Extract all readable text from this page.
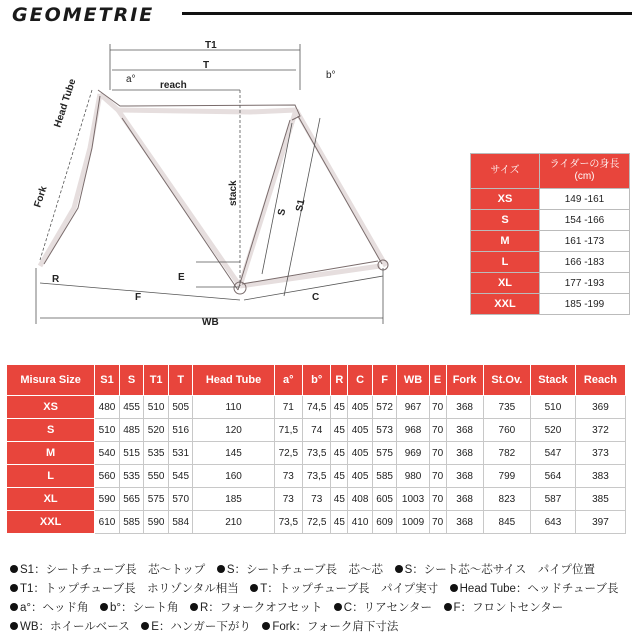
GEOMETRIE
T1
T
a°	b°
reach
Head Tube
Fork	stack
S S1
R	E
F	C
WB
サイズ	ライダーの身長
(cm)
XS	149 -161
S	154 -166
M	161 -173
L	166 -183
XL	177 -193
XXL	185 -199
Misura Size	S1	S	T1	T	Head Tube	a°	b°	R	C	F	WB	E	Fork	St.Ov.	Stack	Reach
XS	480	455	510	505	110	71	74,5	45	405	572	967	70	368	735	510	369
S	510	485	520	516	120	71,5	74	45	405	573	968	70	368	760	520	372
M	540	515	535	531	145	72,5	73,5	45	405	575	969	70	368	782	547	373
L	560	535	550	545	160	73	73,5	45	405	585	980	70	368	799	564	383
XL	590	565	575	570	185	73	73	45	408	605	1003	70	368	823	587	385
XXL	610	585	590	584	210	73,5	72,5	45	410	609	1009	70	368	845	643	397
S1：シートチューブ長　芯～トップ　 S：シートチューブ長　芯～芯　 S：シート芯～芯サイス　パイプ位置　T1：トップチューブ長　ホリゾンタル相当　 T：トップチューブ長　パイプ実寸　 Head Tube：ヘッドチューブ長　a°：ヘッド角　 b°：シート角　 R：フォークオフセット　 C：リアセンター　 F：フロントセンター　WB：ホイールベース　 E：ハンガー下がり　 Fork：フォーク肩下寸法　
